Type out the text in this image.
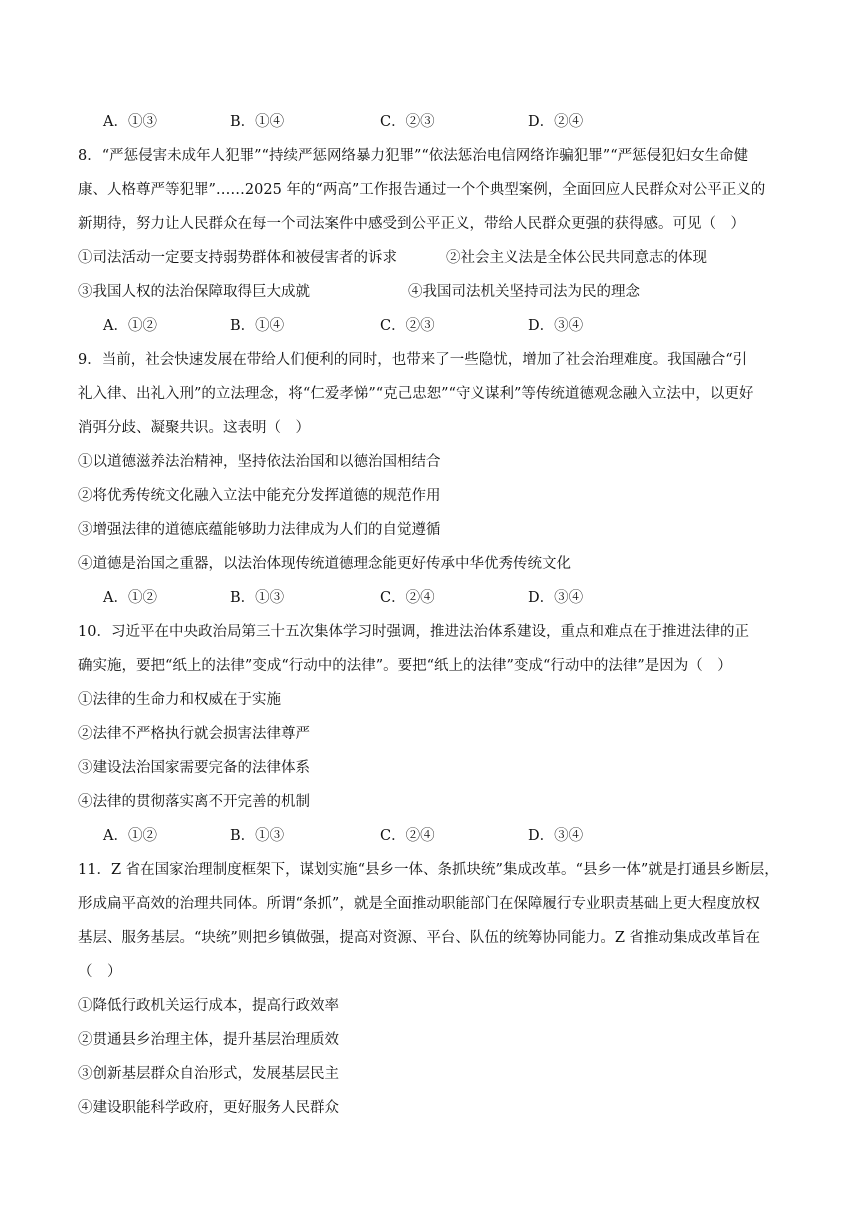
A．①③	B．①④	C．②③	D．②④
8．“严惩侵害未成年人犯罪”“持续严惩网络暴力犯罪”“依法惩治电信网络诈骗犯罪”“严惩侵犯妇女生命健
康、人格尊严等犯罪”……2025 年的“两高”工作报告通过一个个典型案例，全面回应人民群众对公平正义的
新期待，努力让人民群众在每一个司法案件中感受到公平正义，带给人民群众更强的获得感。可见（　）
①司法活动一定要支持弱势群体和被侵害者的诉求	②社会主义法是全体公民共同意志的体现
③我国人权的法治保障取得巨大成就	④我国司法机关坚持司法为民的理念
A．①②	B．①④	C．②③	D．③④
9．当前，社会快速发展在带给人们便利的同时，也带来了一些隐忧，增加了社会治理难度。我国融合“引
礼入律、出礼入刑”的立法理念，将“仁爱孝悌”“克己忠恕”“守义谋利”等传统道德观念融入立法中，以更好
消弭分歧、凝聚共识。这表明（　）
①以道德滋养法治精神，坚持依法治国和以德治国相结合
②将优秀传统文化融入立法中能充分发挥道德的规范作用
③增强法律的道德底蕴能够助力法律成为人们的自觉遵循
④道德是治国之重器，以法治体现传统道德理念能更好传承中华优秀传统文化
A．①②	B．①③	C．②④	D．③④
10．习近平在中央政治局第三十五次集体学习时强调，推进法治体系建设，重点和难点在于推进法律的正
确实施，要把“纸上的法律”变成“行动中的法律”。要把“纸上的法律”变成“行动中的法律”是因为（　）
①法律的生命力和权威在于实施
②法律不严格执行就会损害法律尊严
③建设法治国家需要完备的法律体系
④法律的贯彻落实离不开完善的机制
A．①②	B．①③	C．②④	D．③④
11．Z 省在国家治理制度框架下，谋划实施“县乡一体、条抓块统”集成改革。“县乡一体”就是打通县乡断层，
形成扁平高效的治理共同体。所谓“条抓”，就是全面推动职能部门在保障履行专业职责基础上更大程度放权
基层、服务基层。“块统”则把乡镇做强，提高对资源、平台、队伍的统筹协同能力。Z 省推动集成改革旨在
（　）
①降低行政机关运行成本，提高行政效率
②贯通县乡治理主体，提升基层治理质效
③创新基层群众自治形式，发展基层民主
④建设职能科学政府，更好服务人民群众
